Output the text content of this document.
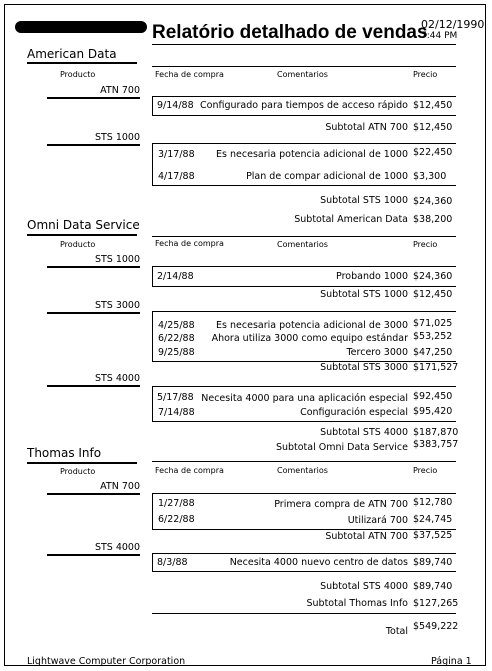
Relatório detalhado de vendas
02/12/1990
7:44 PM
American Data
Producto	Fecha de compra	Comentarios	Precio
ATN 700
9/14/88 Configurado para tiempos de acceso rápido $12,450
Subtotal ATN 700 $12,450
STS 1000
3/17/88	Es necesaria potencia adicional de 1000 $22,450
4/17/88	Plan de compar adicional de 1000 $3,300
Subtotal STS 1000 $24,360
Subtotal American Data $38,200
Omni Data Service
Producto	Fecha de compra	Comentarios	Precio
STS 1000
2/14/88	Probando 1000 $24,360
Subtotal STS 1000 $12,450
STS 3000
4/25/88	Es necesaria potencia adicional de 3000 $71,025
6/22/88	Ahora utiliza 3000 como equipo estándar $53,252
9/25/88	Tercero 3000 $47,250
Subtotal STS 3000 $171,527
STS 4000
5/17/88 Necesita 4000 para una aplicación especial $92,450
7/14/88	Configuración especial $95,420
Subtotal STS 4000 $187,870
Subtotal Omni Data Service $383,757
Thomas Info
Producto	Fecha de compra	Comentarios	Precio
ATN 700
1/27/88	Primera compra de ATN 700 $12,780
6/22/88	Utilizará 700 $24,745
Subtotal ATN 700 $37,525
STS 4000
8/3/88	Necesita 4000 nuevo centro de datos $89,740
Subtotal STS 4000 $89,740
Subtotal Thomas Info $127,265
Total $549,222
Lightwave Computer Corporation	Página 1
